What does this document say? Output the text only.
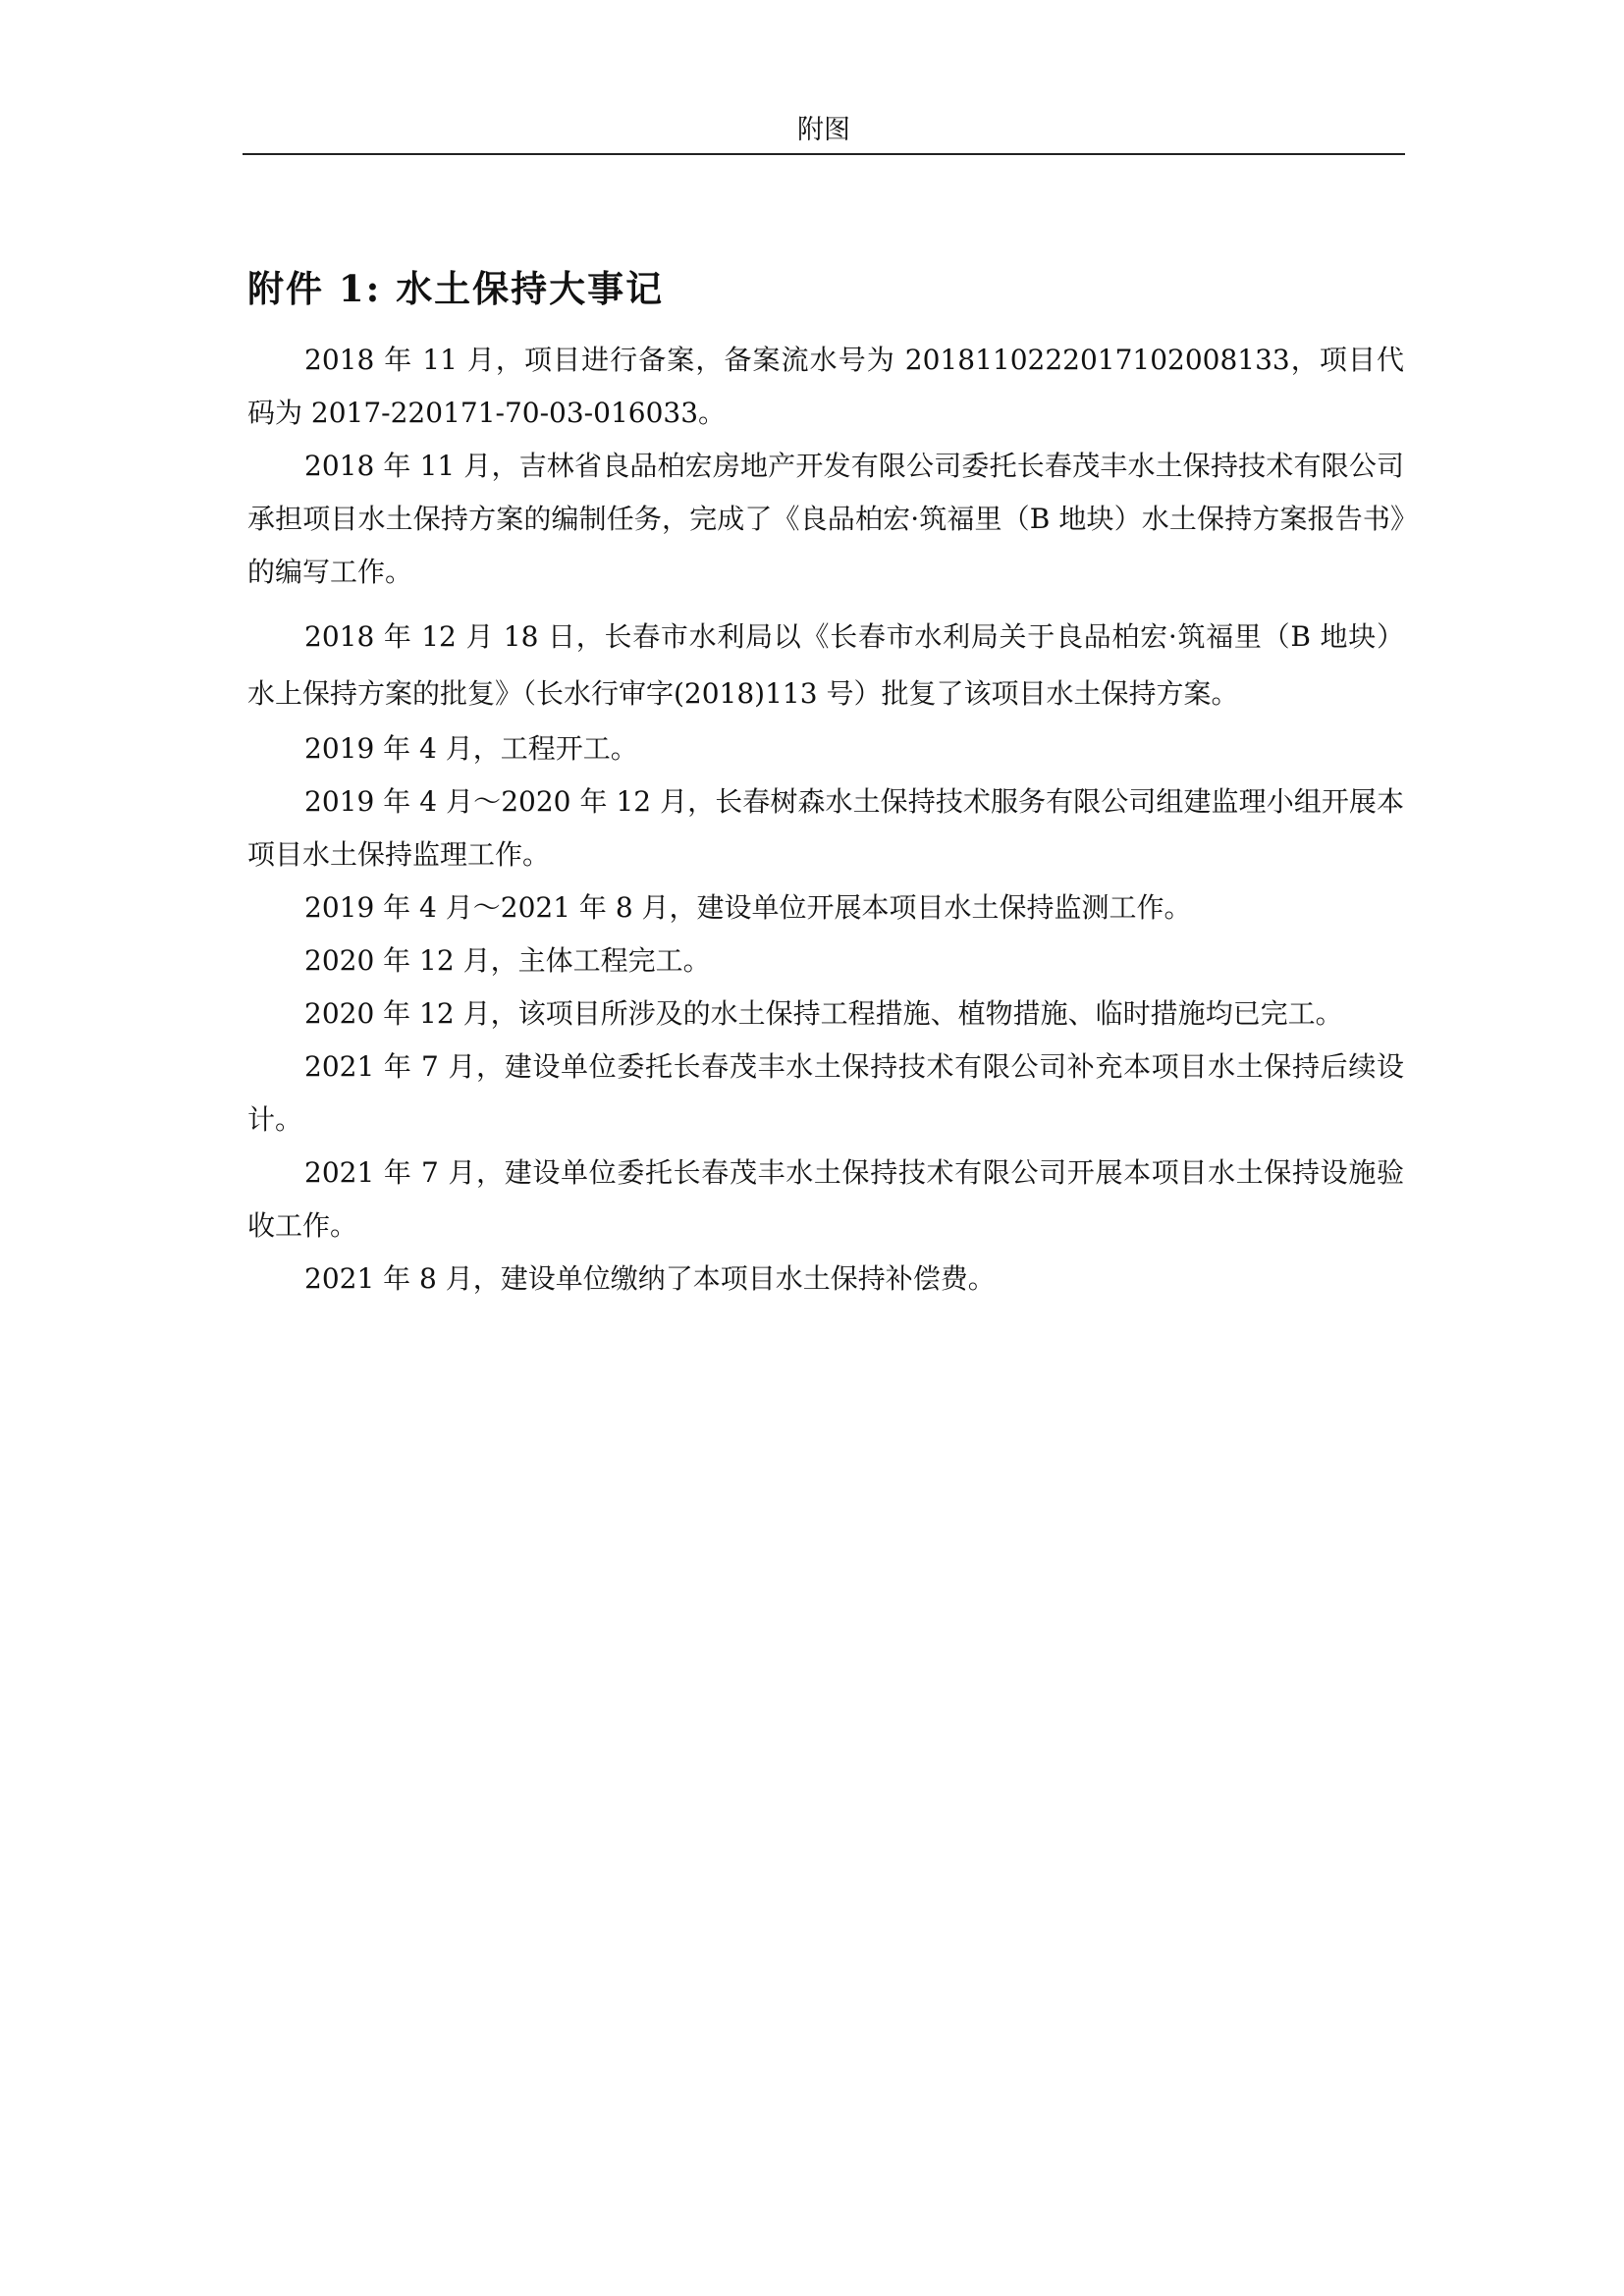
附图
附件 1: 水土保持大事记

2018 年 11 月，项目进行备案，备案流水号为 2018110222017102008133，项目代码为 2017-220171-70-03-016033。

2018 年 11 月，吉林省良品柏宏房地产开发有限公司委托长春茂丰水土保持技术有限公司承担项目水土保持方案的编制任务，完成了《良品柏宏·筑福里（B 地块）水土保持方案报告书》的编写工作。

2018 年 12 月 18 日，长春市水利局以《长春市水利局关于良品柏宏·筑福里（B 地块）水上保持方案的批复》（长水行审字(2018)113 号）批复了该项目水土保持方案。

2019 年 4 月，工程开工。

2019 年 4 月～2020 年 12 月，长春树森水土保持技术服务有限公司组建监理小组开展本项目水土保持监理工作。

2019 年 4 月～2021 年 8 月，建设单位开展本项目水土保持监测工作。

2020 年 12 月，主体工程完工。

2020 年 12 月，该项目所涉及的水土保持工程措施、植物措施、临时措施均已完工。

2021 年 7 月，建设单位委托长春茂丰水土保持技术有限公司补充本项目水土保持后续设计。

2021 年 7 月，建设单位委托长春茂丰水土保持技术有限公司开展本项目水土保持设施验收工作。

2021 年 8 月，建设单位缴纳了本项目水土保持补偿费。
